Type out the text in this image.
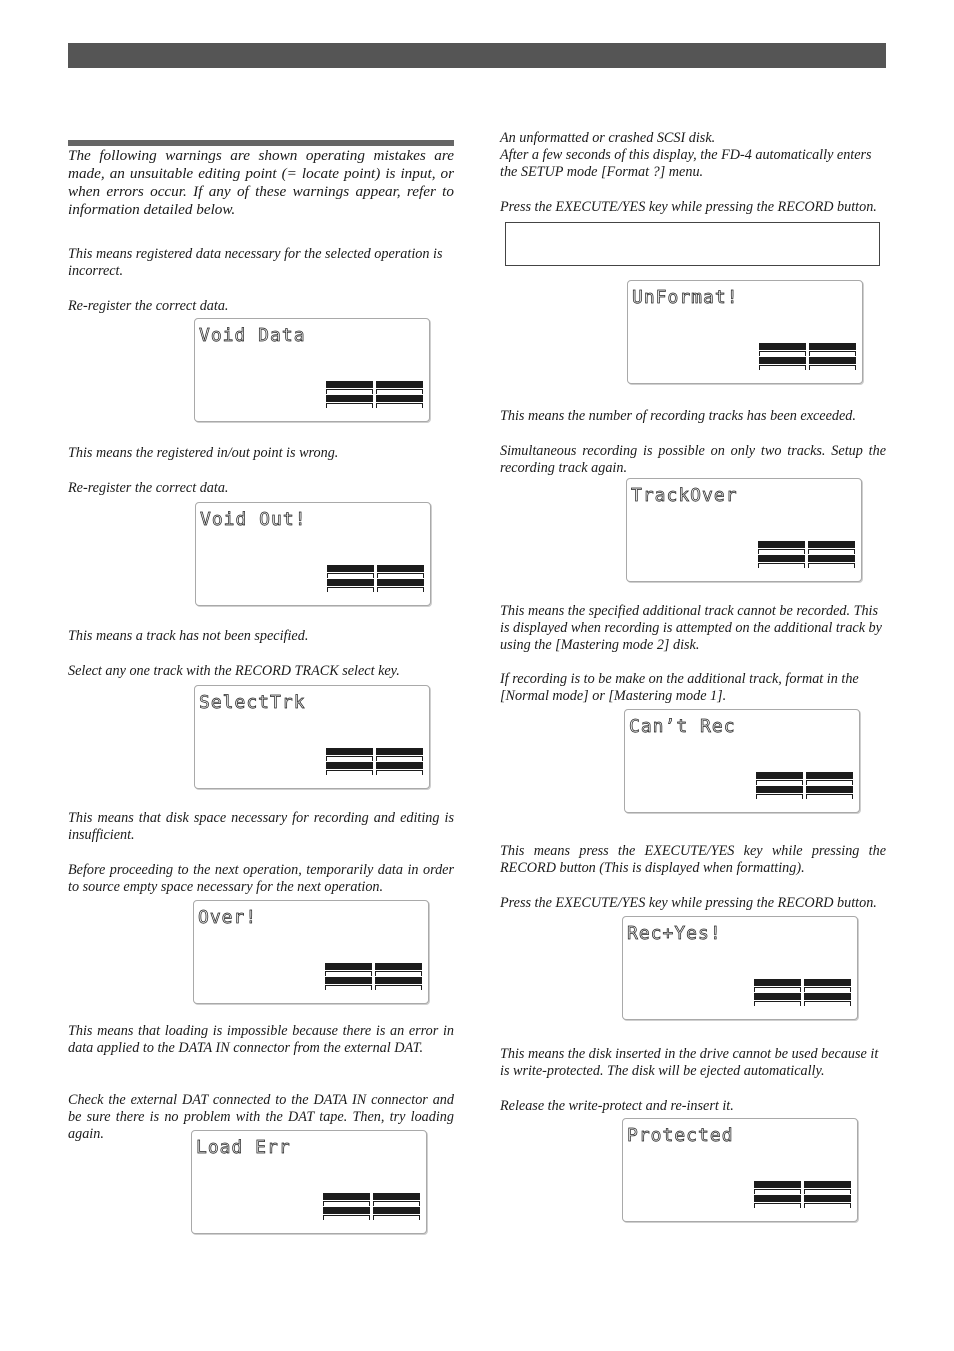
The following warnings are shown operating mistakes are made, an unsuitable editing point (= locate point) is input, or when errors occur. If any of these warnings appear, refer to information detailed below.

This means registered data necessary for the selected operation is incorrect.

Re-register the correct data.

Void Data

This means the registered in/out point is wrong.

Re-register the correct data.

Void Out!

This means a track has not been specified.

Select any one track with the RECORD TRACK select key.

SelectTrk

This means that disk space necessary for recording and editing is insufficient.

Before proceeding to the next operation, temporarily data in order to source empty space necessary for the next operation.

Over!

This means that loading is impossible because there is an error in data applied to the DATA IN connector from the external DAT.

Check the external DAT connected to the DATA IN connector and be sure there is no problem with the DAT tape. Then, try loading again.

Load Err

An unformatted or crashed SCSI disk.

After a few seconds of this display, the FD-4 automatically enters the SETUP mode [Format ?] menu.

Press the EXECUTE/YES key while pressing the RECORD button.

UnFormat!

This means the number of recording tracks has been exceeded.

Simultaneous recording is possible on only two tracks. Setup the recording track again.

TrackOver

This means the specified additional track cannot be recorded. This is displayed when recording is attempted on the additional track by using the [Mastering mode 2] disk.

If recording is to be make on the additional track, format in the [Normal mode] or [Mastering mode 1].

Can’t Rec

This means press the EXECUTE/YES key while pressing the RECORD button (This is displayed when formatting).

Press the EXECUTE/YES key while pressing the RECORD button.

Rec+Yes!

This means the disk inserted in the drive cannot be used because it is write-protected. The disk will be ejected automatically.

Release the write-protect and re-insert it.

Protected
